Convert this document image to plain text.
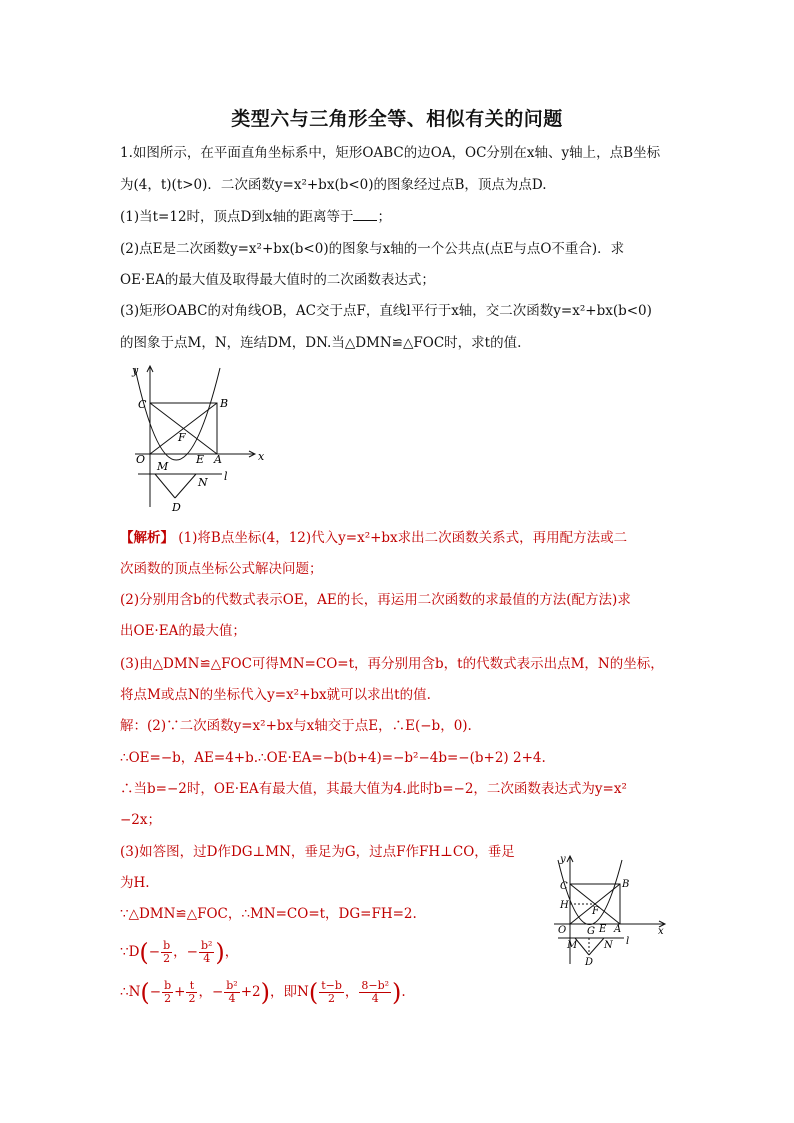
类型六与三角形全等、相似有关的问题
1.如图所示，在平面直角坐标系中，矩形OABC的边OA，OC分别在x轴、y轴上，点B坐标
为(4，t)(t>0)．二次函数y=x²+bx(b<0)的图象经过点B，顶点为点D.
(1)当t=12时，顶点D到x轴的距离等于 ；
(2)点E是二次函数y=x²+bx(b<0)的图象与x轴的一个公共点(点E与点O不重合)．求
OE·EA的最大值及取得最大值时的二次函数表达式；
(3)矩形OABC的对角线OB，AC交于点F，直线l平行于x轴，交二次函数y=x²+bx(b<0)
的图象于点M，N，连结DM，DN.当△DMN≌△FOC时，求t的值.
y
x
C	B
F
O
M
E A
l
N
D
【解析】 (1)将B点坐标(4，12)代入y=x²+bx求出二次函数关系式，再用配方法或二
次函数的顶点坐标公式解决问题；
(2)分别用含b的代数式表示OE，AE的长，再运用二次函数的求最值的方法(配方法)求
出OE·EA的最大值；
(3)由△DMN≌△FOC可得MN=CO=t，再分别用含b，t的代数式表示出点M，N的坐标，
将点M或点N的坐标代入y=x²+bx就可以求出t的值.
解：(2)∵二次函数y=x²+bx与x轴交于点E，∴E(−b，0).
∴OE=−b，AE=4+b.∴OE·EA=−b(b+4)=−b²−4b=−(b+2) 2+4.
∴当b=−2时，OE·EA有最大值，其最大值为4.此时b=−2，二次函数表达式为y=x²
−2x；
(3)如答图，过D作DG⊥MN，垂足为G，过点F作FH⊥CO，垂足
为H.
∵△DMN≌△FOC，∴MN=CO=t，DG=FH=2.
∵D(− $\frac{b}{2}$ ，− $\frac{\text{b²}}{4}$ )，
∴N(− $\frac{b}{2} + \frac{t}{2}$ ，− $\frac{\text{b²}}{4} +2$)，即$N( \frac{t-b}{2}$ ， $\frac{\text{8−b²}}{4}$ ).
y
x
C	B
H
F
O G E A
l
M	N
D
